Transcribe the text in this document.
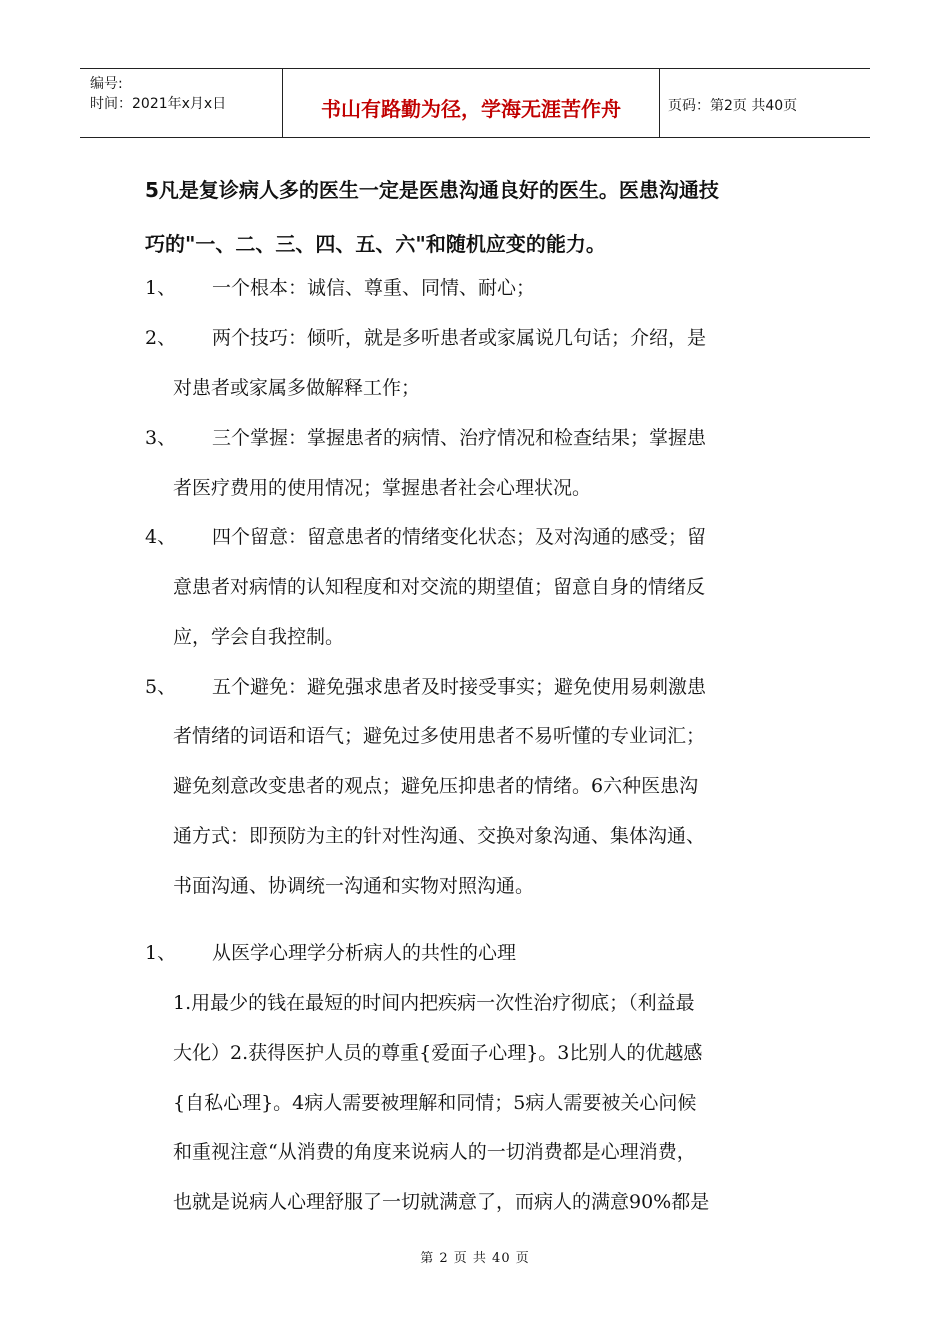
编号:
时间：2021年x月x日	书山有路勤为径，学海无涯苦作舟	页码：第2页 共40页
5凡是复诊病人多的医生一定是医患沟通良好的医生。医患沟通技
巧的"一、二、三、四、五、六"和随机应变的能力。
1、 一个根本：诚信、尊重、同情、耐心；
2、 两个技巧：倾听，就是多听患者或家属说几句话；介绍，是
对患者或家属多做解释工作；
3、 三个掌握：掌握患者的病情、治疗情况和检查结果；掌握患
者医疗费用的使用情况；掌握患者社会心理状况。
4、 四个留意：留意患者的情绪变化状态；及对沟通的感受；留
意患者对病情的认知程度和对交流的期望值；留意自身的情绪反
应，学会自我控制。
5、 五个避免：避免强求患者及时接受事实；避免使用易刺激患
者情绪的词语和语气；避免过多使用患者不易听懂的专业词汇；
避免刻意改变患者的观点；避免压抑患者的情绪。6六种医患沟
通方式：即预防为主的针对性沟通、交换对象沟通、集体沟通、
书面沟通、协调统一沟通和实物对照沟通。
1、 从医学心理学分析病人的共性的心理
1.用最少的钱在最短的时间内把疾病一次性治疗彻底；（利益最
大化）2.获得医护人员的尊重{爱面子心理}。3比别人的优越感
{自私心理}。4病人需要被理解和同情；5病人需要被关心问候
和重视注意“从消费的角度来说病人的一切消费都是心理消费，
也就是说病人心理舒服了一切就满意了，而病人的满意90%都是
第 2 页 共 40 页
